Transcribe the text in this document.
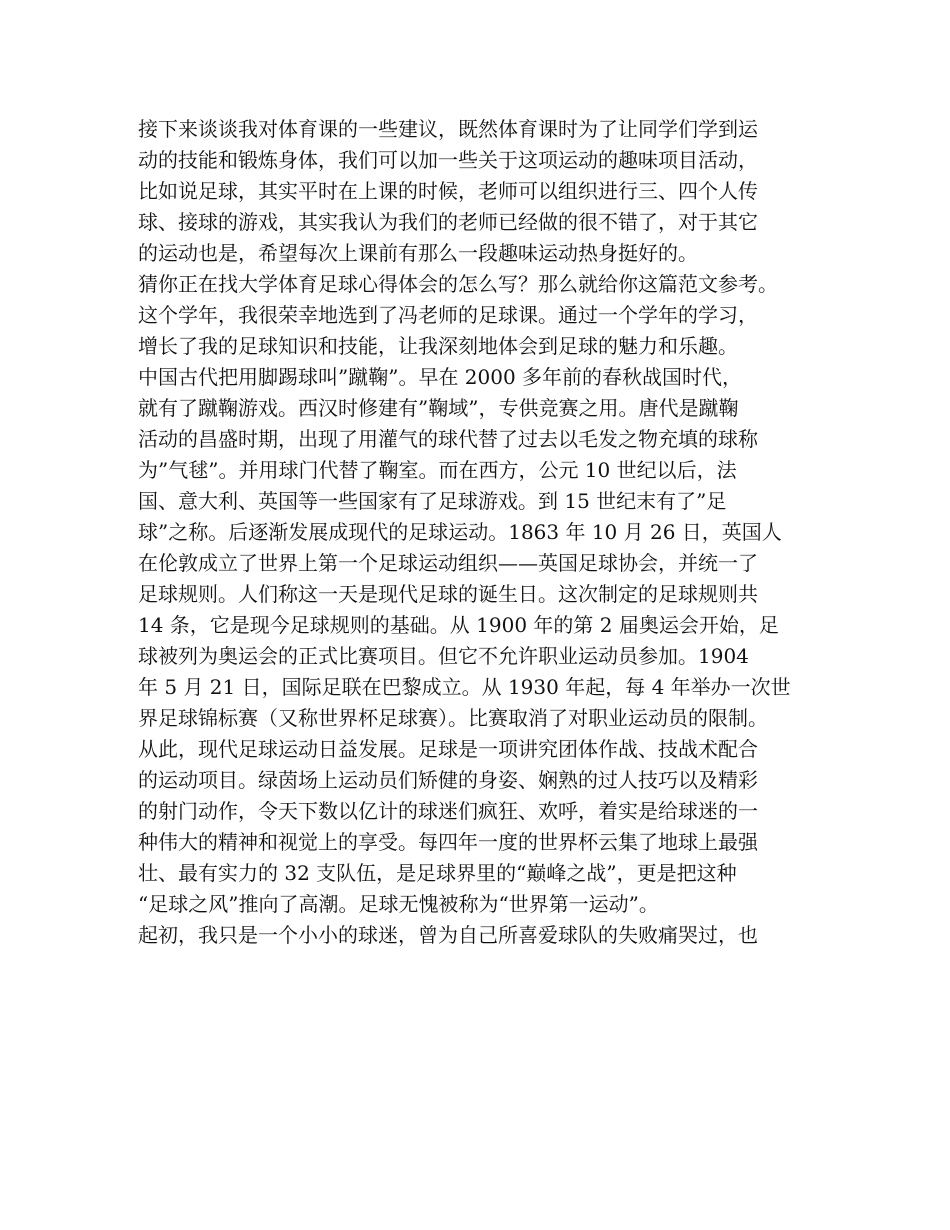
接下来谈谈我对体育课的一些建议，既然体育课时为了让同学们学到运
动的技能和锻炼身体，我们可以加一些关于这项运动的趣味项目活动，
比如说足球，其实平时在上课的时候，老师可以组织进行三、四个人传
球、接球的游戏，其实我认为我们的老师已经做的很不错了，对于其它
的运动也是，希望每次上课前有那么一段趣味运动热身挺好的。
猜你正在找大学体育足球心得体会的怎么写？那么就给你这篇范文参考。
这个学年，我很荣幸地选到了冯老师的足球课。通过一个学年的学习，
增长了我的足球知识和技能，让我深刻地体会到足球的魅力和乐趣。
中国古代把用脚踢球叫”蹴鞠”。早在 2000 多年前的春秋战国时代，
就有了蹴鞠游戏。西汉时修建有”鞠域”，专供竞赛之用。唐代是蹴鞠
活动的昌盛时期，出现了用灌气的球代替了过去以毛发之物充填的球称
为”气毬”。并用球门代替了鞠室。而在西方，公元 10 世纪以后，法
国、意大利、英国等一些国家有了足球游戏。到 15 世纪末有了”足
球”之称。后逐渐发展成现代的足球运动。1863 年 10 月 26 日，英国人
在伦敦成立了世界上第一个足球运动组织——英国足球协会，并统一了
足球规则。人们称这一天是现代足球的诞生日。这次制定的足球规则共
14 条，它是现今足球规则的基础。从 1900 年的第 2 届奥运会开始，足
球被列为奥运会的正式比赛项目。但它不允许职业运动员参加。1904
年 5 月 21 日，国际足联在巴黎成立。从 1930 年起，每 4 年举办一次世
界足球锦标赛（又称世界杯足球赛）。比赛取消了对职业运动员的限制。
从此，现代足球运动日益发展。足球是一项讲究团体作战、技战术配合
的运动项目。绿茵场上运动员们矫健的身姿、娴熟的过人技巧以及精彩
的射门动作，令天下数以亿计的球迷们疯狂、欢呼，着实是给球迷的一
种伟大的精神和视觉上的享受。每四年一度的世界杯云集了地球上最强
壮、最有实力的 32 支队伍，是足球界里的“巅峰之战”，更是把这种
“足球之风”推向了高潮。足球无愧被称为“世界第一运动”。
起初，我只是一个小小的球迷，曾为自己所喜爱球队的失败痛哭过，也
